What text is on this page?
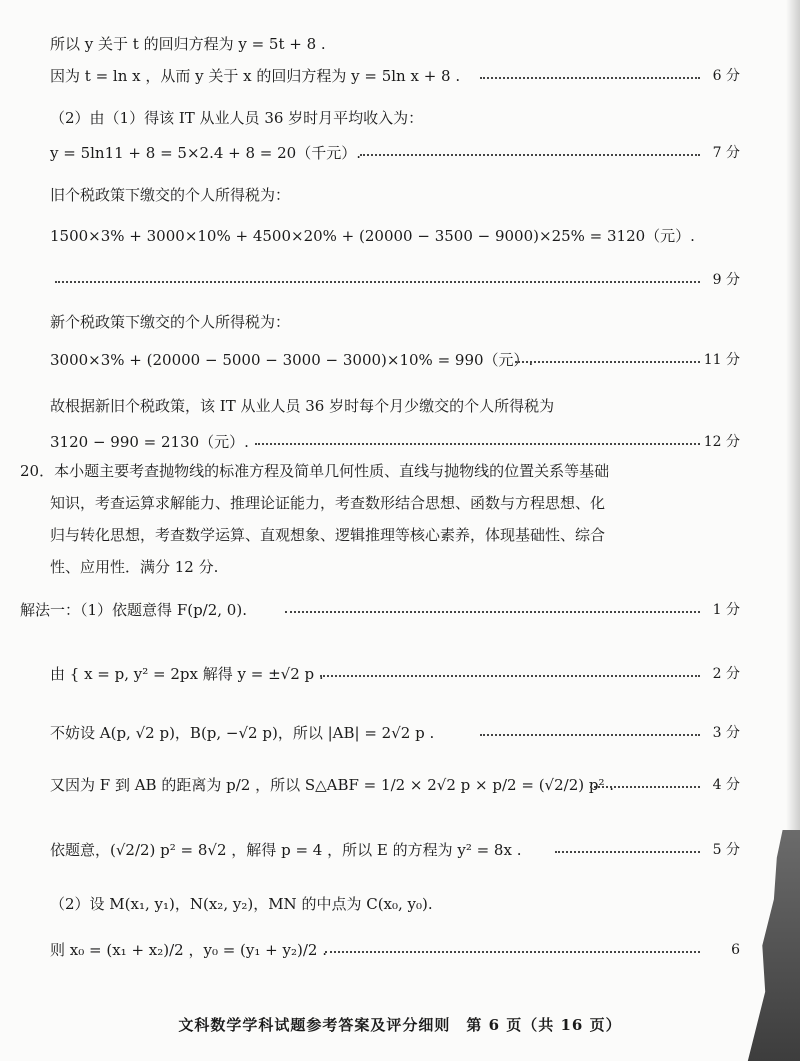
所以 y 关于 t 的回归方程为 y = 5t + 8 .
因为 t = ln x ，从而 y 关于 x 的回归方程为 y = 5ln x + 8 .	6 分
（2）由（1）得该 IT 从业人员 36 岁时月平均收入为：
y = 5ln11 + 8 = 5×2.4 + 8 = 20（千元）.	7 分
旧个税政策下缴交的个人所得税为：
1500×3% + 3000×10% + 4500×20% + (20000 − 3500 − 9000)×25% = 3120（元）.
9 分
新个税政策下缴交的个人所得税为：
3000×3% + (20000 − 5000 − 3000 − 3000)×10% = 990（元）.	11 分
故根据新旧个税政策，该 IT 从业人员 36 岁时每个月少缴交的个人所得税为
3120 − 990 = 2130（元）.	12 分
20．本小题主要考查抛物线的标准方程及简单几何性质、直线与抛物线的位置关系等基础
知识，考查运算求解能力、推理论证能力，考查数形结合思想、函数与方程思想、化
归与转化思想，考查数学运算、直观想象、逻辑推理等核心素养，体现基础性、综合
性、应用性．满分 12 分.
解法一：（1）依题意得 F(p/2, 0).	1 分
由 { x = p, y² = 2px 解得 y = ±√2 p .	2 分
不妨设 A(p, √2 p)，B(p, −√2 p)，所以 |AB| = 2√2 p .	3 分
又因为 F 到 AB 的距离为 p/2 ，所以 S△ABF = 1/2 × 2√2 p × p/2 = (√2/2) p² .	4 分
依题意，(√2/2) p² = 8√2 ，解得 p = 4 ，所以 E 的方程为 y² = 8x .	5 分
（2）设 M(x₁, y₁)，N(x₂, y₂)，MN 的中点为 C(x₀, y₀).
则 x₀ = (x₁ + x₂)/2 ，y₀ = (y₁ + y₂)/2 .	6
文科数学学科试题参考答案及评分细则　第 6 页（共 16 页）
